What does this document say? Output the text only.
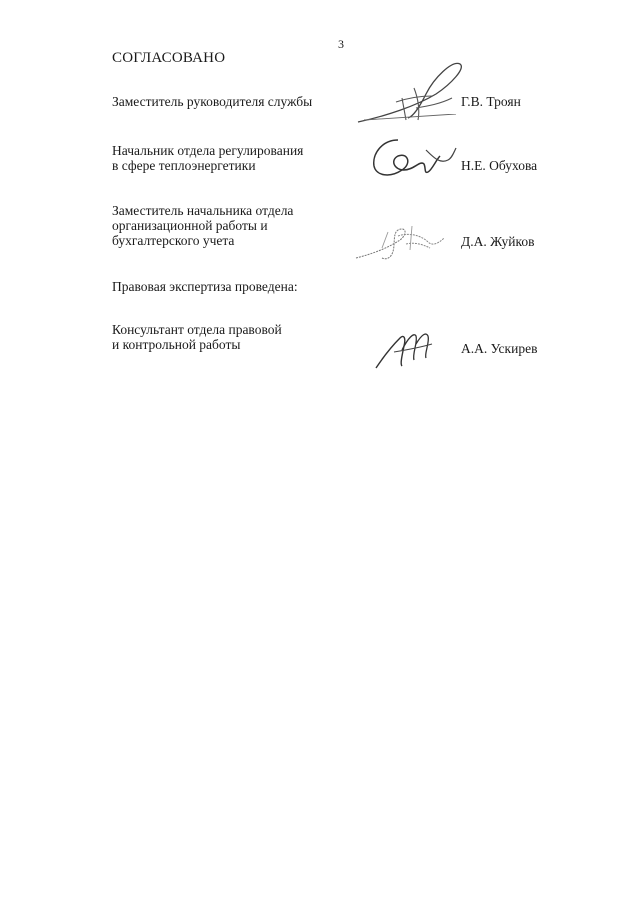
3
СОГЛАСОВАНО
Заместитель руководителя службы	Г.В. Троян
Начальник отдела регулирования
в сфере теплоэнергетики	Н.Е. Обухова
Заместитель начальника отдела
организационной работы и
бухгалтерского учета	Д.А. Жуйков
Правовая экспертиза проведена:
Консультант отдела правовой
и контрольной работы	А.А. Ускирев
